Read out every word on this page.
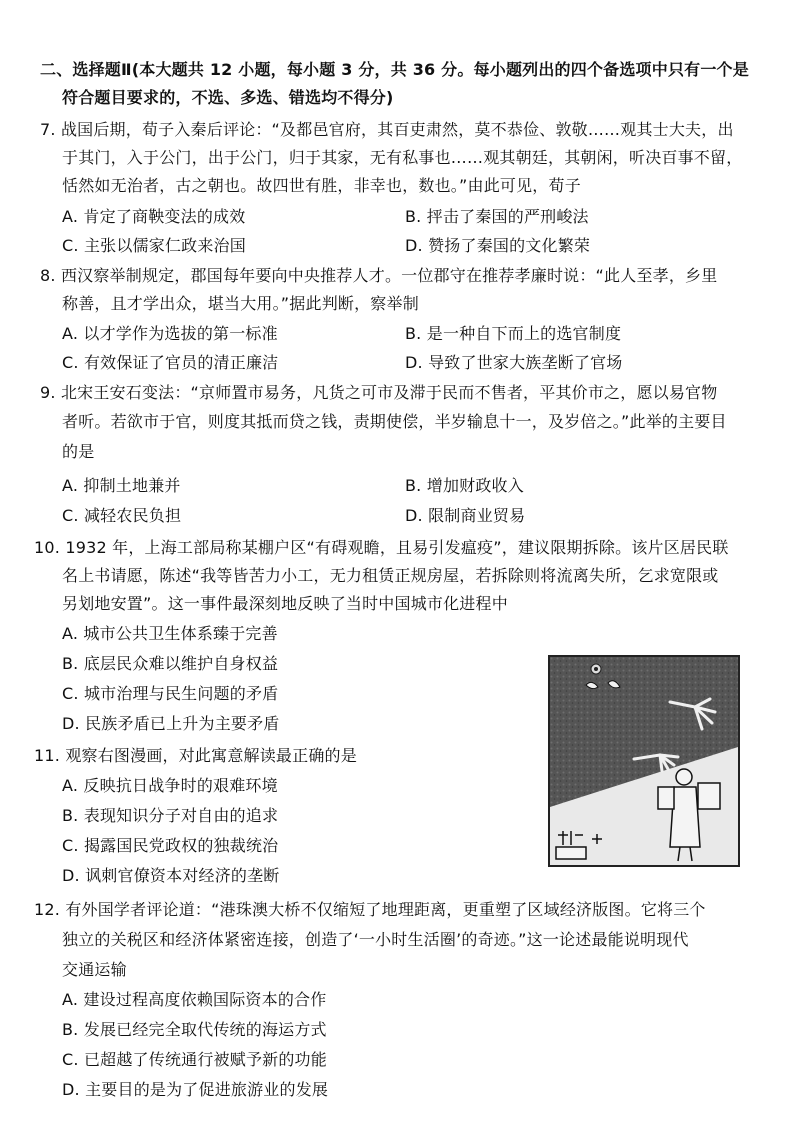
二、选择题Ⅱ(本大题共 12 小题，每小题 3 分，共 36 分。每小题列出的四个备选项中只有一个是
符合题目要求的，不选、多选、错选均不得分)
7. 战国后期，荀子入秦后评论：“及都邑官府，其百吏肃然，莫不恭俭、敦敬……观其士大夫，出
于其门，入于公门，出于公门，归于其家，无有私事也……观其朝廷，其朝闲，听决百事不留，
恬然如无治者，古之朝也。故四世有胜，非幸也，数也。”由此可见，荀子
A. 肯定了商鞅变法的成效	B. 抨击了秦国的严刑峻法
C. 主张以儒家仁政来治国	D. 赞扬了秦国的文化繁荣
8. 西汉察举制规定，郡国每年要向中央推荐人才。一位郡守在推荐孝廉时说：“此人至孝，乡里
称善，且才学出众，堪当大用。”据此判断，察举制
A. 以才学作为选拔的第一标准	B. 是一种自下而上的选官制度
C. 有效保证了官员的清正廉洁	D. 导致了世家大族垄断了官场
9. 北宋王安石变法：“京师置市易务，凡货之可市及滞于民而不售者，平其价市之，愿以易官物
者听。若欲市于官，则度其抵而贷之钱，责期使偿，半岁输息十一，及岁倍之。”此举的主要目
的是
A. 抑制土地兼并	B. 增加财政收入
C. 减轻农民负担	D. 限制商业贸易
10. 1932 年，上海工部局称某棚户区“有碍观瞻，且易引发瘟疫”，建议限期拆除。该片区居民联
名上书请愿，陈述“我等皆苦力小工，无力租赁正规房屋，若拆除则将流离失所，乞求宽限或
另划地安置”。这一事件最深刻地反映了当时中国城市化进程中
A. 城市公共卫生体系臻于完善
B. 底层民众难以维护自身权益
C. 城市治理与民生问题的矛盾
D. 民族矛盾已上升为主要矛盾
11. 观察右图漫画，对此寓意解读最正确的是
A. 反映抗日战争时的艰难环境
B. 表现知识分子对自由的追求
C. 揭露国民党政权的独裁统治
D. 讽刺官僚资本对经济的垄断
12. 有外国学者评论道：“港珠澳大桥不仅缩短了地理距离，更重塑了区域经济版图。它将三个
独立的关税区和经济体紧密连接，创造了‘一小时生活圈’的奇迹。”这一论述最能说明现代
交通运输
A. 建设过程高度依赖国际资本的合作
B. 发展已经完全取代传统的海运方式
C. 已超越了传统通行被赋予新的功能
D. 主要目的是为了促进旅游业的发展
